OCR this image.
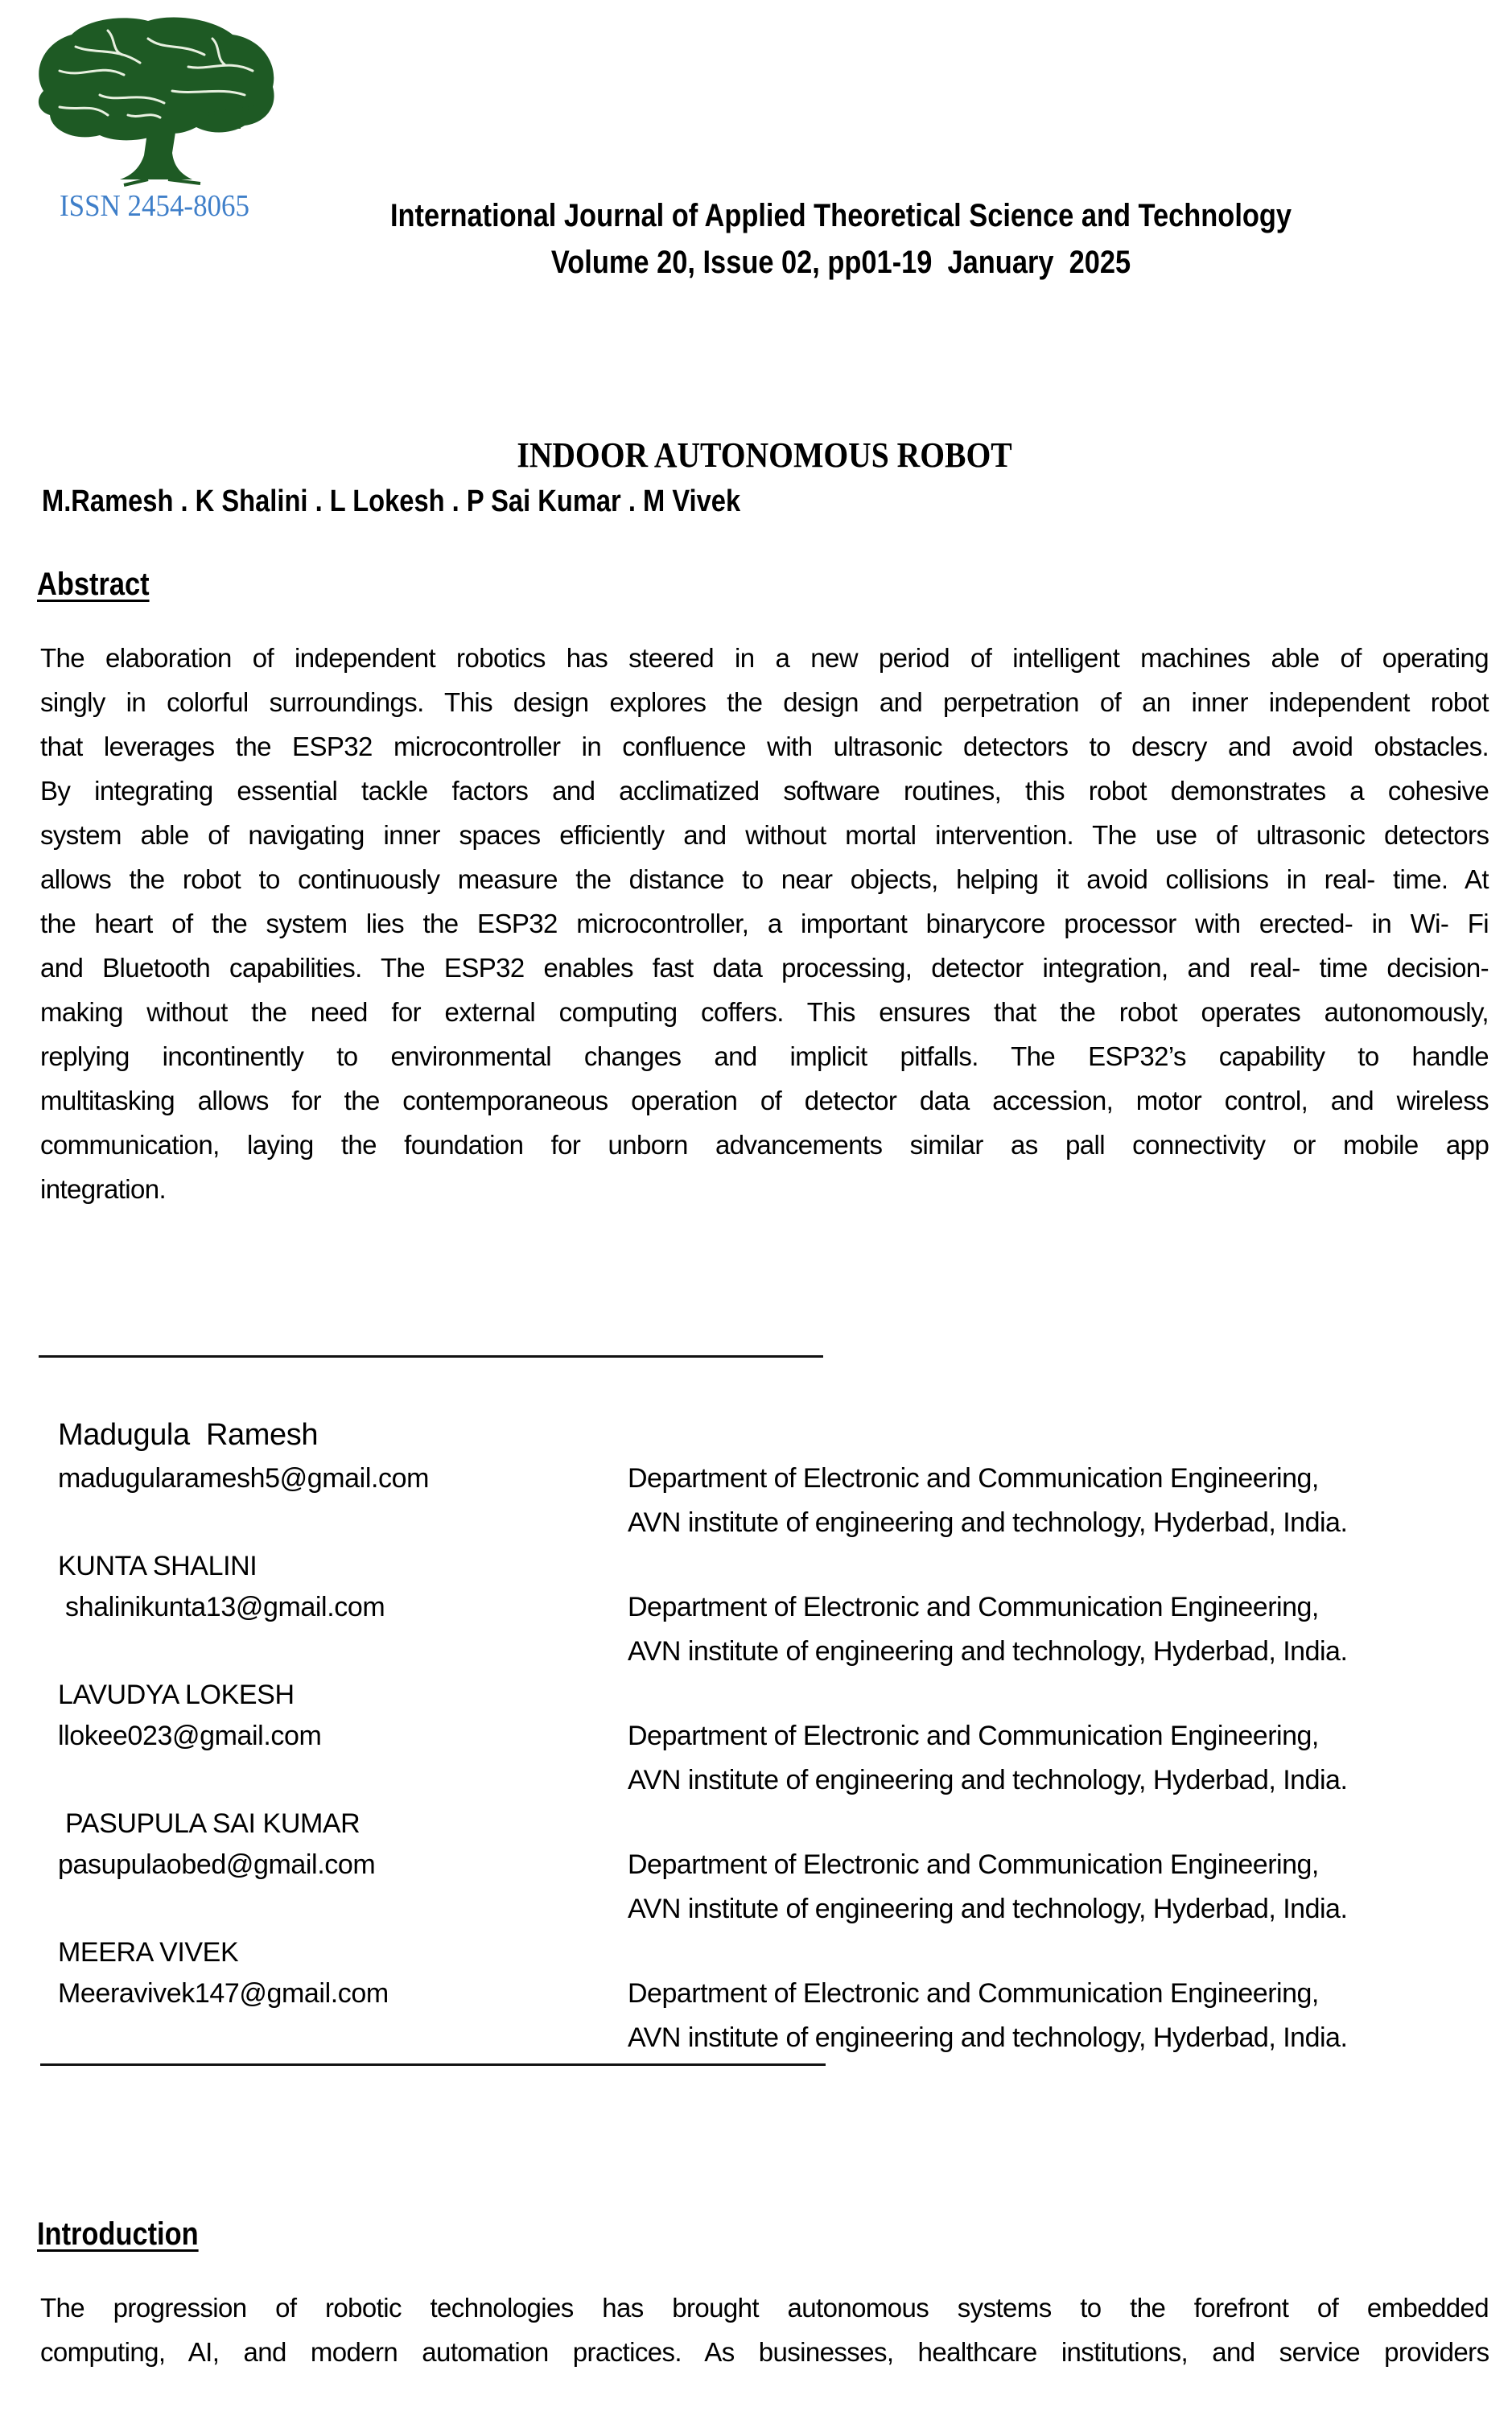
ISSN 2454-8065	International Journal of Applied Theoretical Science and Technology
Volume 20, Issue 02, pp01-19  January  2025
INDOOR AUTONOMOUS ROBOT
M.Ramesh . K Shalini . L Lokesh . P Sai Kumar . M Vivek
Abstract
The elaboration of independent robotics has steered in a new period of intelligent machines able of operating
singly in colorful surroundings. This design explores the design and perpetration of an inner independent robot
that leverages the ESP32 microcontroller in confluence with ultrasonic detectors to descry and avoid obstacles.
By integrating essential tackle factors and acclimatized software routines, this robot demonstrates a cohesive
system able of navigating inner spaces efficiently and without mortal intervention. The use of ultrasonic detectors
allows the robot to continuously measure the distance to near objects, helping it avoid collisions in real- time. At
the heart of the system lies the ESP32 microcontroller, a important binarycore processor with erected- in Wi- Fi
and Bluetooth capabilities. The ESP32 enables fast data processing, detector integration, and real- time decision-
making without the need for external computing coffers. This ensures that the robot operates autonomously,
replying incontinently to environmental changes and implicit pitfalls. The ESP32’s capability to handle
multitasking allows for the contemporaneous operation of detector data accession, motor control, and wireless
communication, laying the foundation for unborn advancements similar as pall connectivity or mobile app
integration.
Madugula  Ramesh
madugularamesh5@gmail.com	Department of Electronic and Communication Engineering,
AVN institute of engineering and technology, Hyderbad, India.
KUNTA SHALINI
shalinikunta13@gmail.com	Department of Electronic and Communication Engineering,
AVN institute of engineering and technology, Hyderbad, India.
LAVUDYA LOKESH
llokee023@gmail.com	Department of Electronic and Communication Engineering,
AVN institute of engineering and technology, Hyderbad, India.
PASUPULA SAI KUMAR
pasupulaobed@gmail.com	Department of Electronic and Communication Engineering,
AVN institute of engineering and technology, Hyderbad, India.
MEERA VIVEK
Meeravivek147@gmail.com	Department of Electronic and Communication Engineering,
AVN institute of engineering and technology, Hyderbad, India.
Introduction
The progression of robotic technologies has brought autonomous systems to the forefront of embedded
computing, AI, and modern automation practices. As businesses, healthcare institutions, and service providers
